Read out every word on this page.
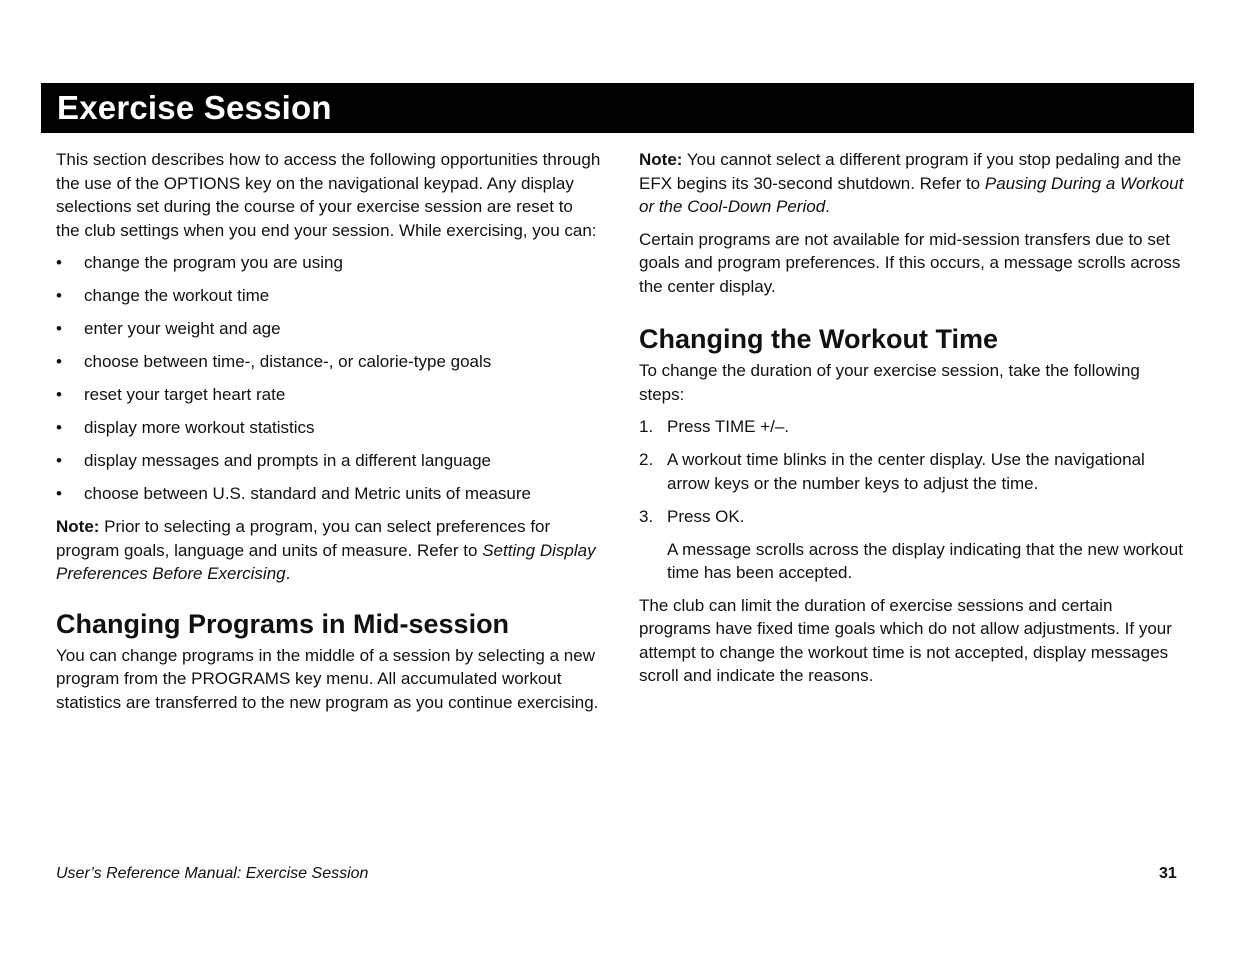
Exercise Session

This section describes how to access the following opportunities through the use of the OPTIONS key on the navigational keypad. Any display selections set during the course of your exercise session are reset to the club settings when you end your session. While exercising, you can:

• change the program you are using
• change the workout time
• enter your weight and age
• choose between time-, distance-, or calorie-type goals
• reset your target heart rate
• display more workout statistics
• display messages and prompts in a different language
• choose between U.S. standard and Metric units of measure

Note: Prior to selecting a program, you can select preferences for program goals, language and units of measure. Refer to Setting Display Preferences Before Exercising.

Changing Programs in Mid-session

You can change programs in the middle of a session by selecting a new program from the PROGRAMS key menu. All accumulated workout statistics are transferred to the new program as you continue exercising.

Note: You cannot select a different program if you stop pedaling and the EFX begins its 30-second shutdown. Refer to Pausing During a Workout or the Cool-Down Period.

Certain programs are not available for mid-session transfers due to set goals and program preferences. If this occurs, a message scrolls across the center display.

Changing the Workout Time

To change the duration of your exercise session, take the following steps:

1. Press TIME +/–.
2. A workout time blinks in the center display. Use the navigational arrow keys or the number keys to adjust the time.
3. Press OK.

A message scrolls across the display indicating that the new workout time has been accepted.

The club can limit the duration of exercise sessions and certain programs have fixed time goals which do not allow adjustments. If your attempt to change the workout time is not accepted, display messages scroll and indicate the reasons.

User’s Reference Manual: Exercise Session	31
